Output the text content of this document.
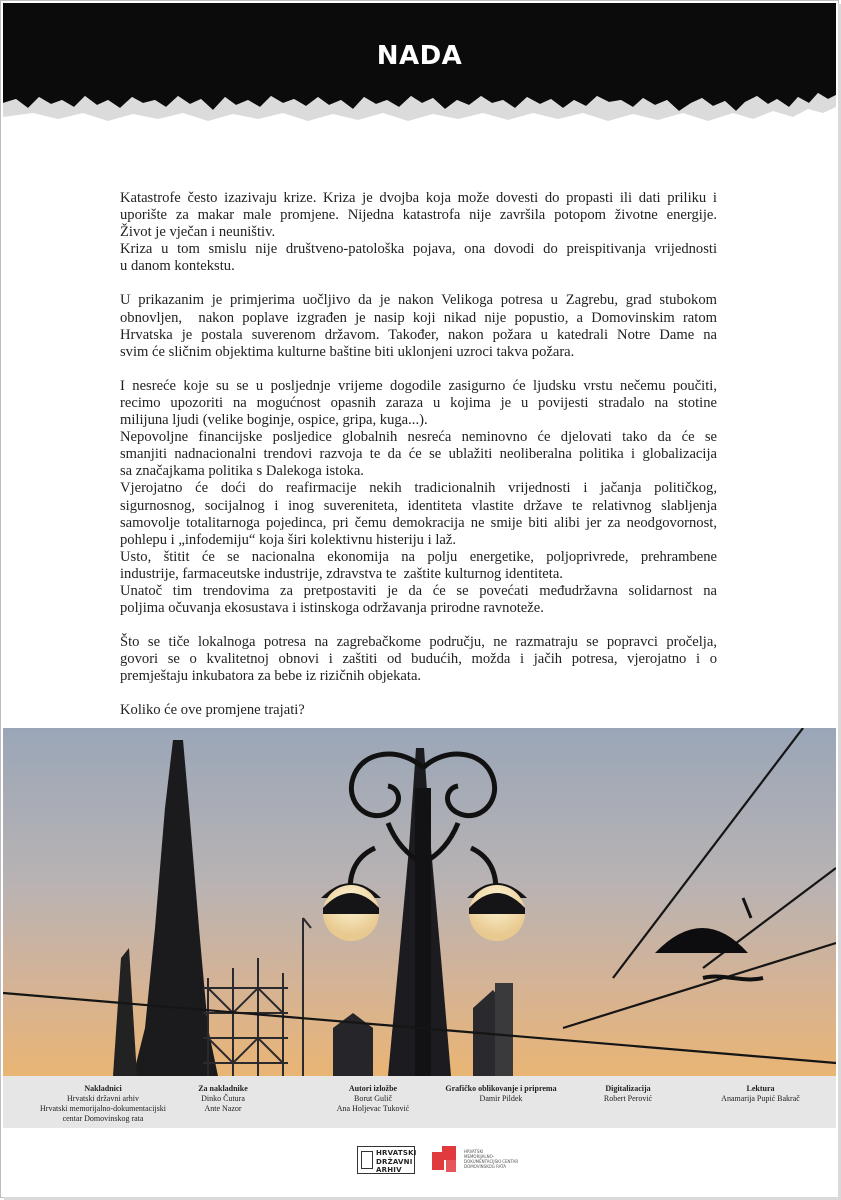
NADA

Katastrofe često izazivaju krize. Kriza je dvojba koja može dovesti do propasti ili dati priliku i
uporište za makar male promjene. Nijedna katastrofa nije završila potopom životne energije.
Život je vječan i neuništiv.
Kriza u tom smislu nije društveno-patološka pojava, ona dovodi do preispitivanja vrijednosti
u danom kontekstu.

U prikazanim je primjerima uočljivo da je nakon Velikoga potresa u Zagrebu, grad stubokom
obnovljen,  nakon poplave izgrađen je nasip koji nikad nije popustio, a Domovinskim ratom
Hrvatska je postala suverenom državom. Također, nakon požara u katedrali Notre Dame na
svim će sličnim objektima kulturne baštine biti uklonjeni uzroci takva požara.

I nesreće koje su se u posljednje vrijeme dogodile zasigurno će ljudsku vrstu nečemu poučiti,
recimo upozoriti na mogućnost opasnih zaraza u kojima je u povijesti stradalo na stotine
milijuna ljudi (velike boginje, ospice, gripa, kuga...).
Nepovoljne financijske posljedice globalnih nesreća neminovno će djelovati tako da će se
smanjiti nadnacionalni trendovi razvoja te da će se ublažiti neoliberalna politika i globalizacija
sa značajkama politika s Dalekoga istoka.
Vjerojatno će doći do reafirmacije nekih tradicionalnih vrijednosti i jačanja političkog,
sigurnosnog, socijalnog i inog suvereniteta, identiteta vlastite države te relativnog slabljenja
samovolje totalitarnoga pojedinca, pri čemu demokracija ne smije biti alibi jer za neodgovornost,
pohlepu i „infodemiju“ koja širi kolektivnu histeriju i laž.
Usto, štitit će se nacionalna ekonomija na polju energetike, poljoprivrede, prehrambene
industrije, farmaceutske industrije, zdravstva te  zaštite kulturnog identiteta.
Unatoč tim trendovima za pretpostaviti je da će se povećati međudržavna solidarnost na
poljima očuvanja ekosustava i istinskoga održavanja prirodne ravnoteže.

Što se tiče lokalnoga potresa na zagrebačkome području, ne razmatraju se popravci pročelja,
govori se o kvalitetnoj obnovi i zaštiti od budućih, možda i jačih potresa, vjerojatno i o
premještaju inkubatora za bebe iz rizičnih objekata.

Koliko će ove promjene trajati?

Nakladnici
Hrvatski državni arhiv
Hrvatski memorijalno-dokumentacijski
centar Domovinskog rata
Za nakladnike
Dinko Čutura
Ante Nazor
Autori izložbe
Borut Gulič
Ana Holjevac Tuković
Grafičko oblikovanje i priprema
Damir Pildek
Digitalizacija
Robert Perović
Lektura
Anamarija Pupić Bakrač
HRVATSKI
DRŽAVNI
ARHIV
HRVATSKI
MEMORIJALNO-
DOKUMENTACIJSKI CENTAR
DOMOVINSKOG RATA
